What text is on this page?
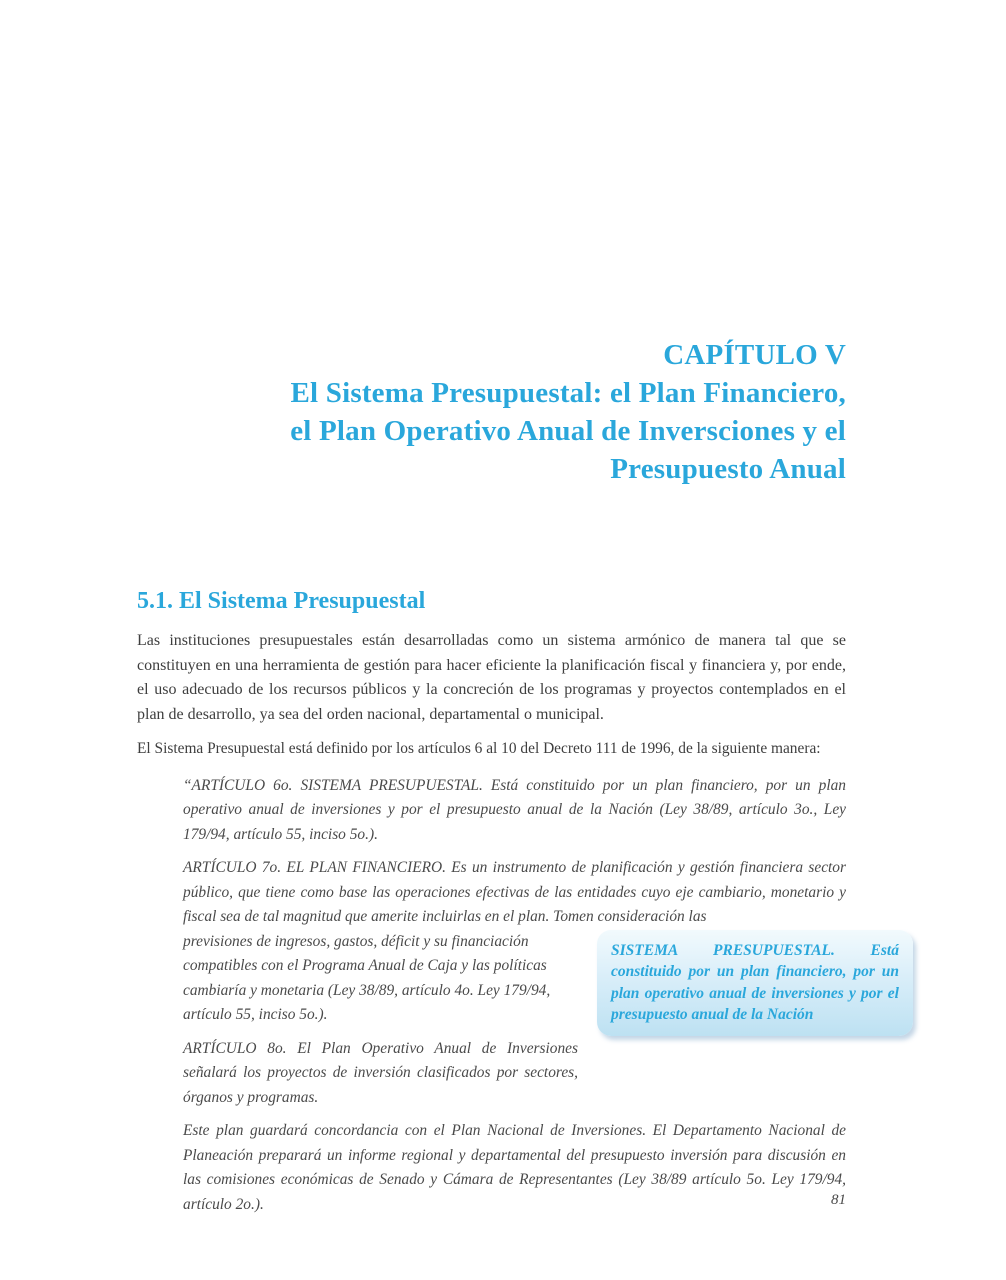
CAPÍTULO V
El Sistema Presupuestal: el Plan Financiero,
el Plan Operativo Anual de Inversciones y el
Presupuesto Anual
5.1. El Sistema Presupuestal

Las instituciones presupuestales están desarrolladas como un sistema armónico de manera tal que se constituyen en una herramienta de gestión para hacer eficiente la planificación fiscal y financiera y, por ende, el uso adecuado de los recursos públicos y la concreción de los programas y proyectos contemplados en el plan de desarrollo, ya sea del orden nacional, departamental o municipal.

El Sistema Presupuestal está definido por los artículos 6 al 10 del Decreto 111 de 1996, de la siguiente manera:

“ARTÍCULO 6o. SISTEMA PRESUPUESTAL. Está constituido por un plan financiero, por un plan operativo anual de inversiones y por el presupuesto anual de la Nación (Ley 38/89, artículo 3o., Ley 179/94, artículo 55, inciso 5o.).

ARTÍCULO 7o. EL PLAN FINANCIERO. Es un instrumento de planificación y gestión financiera sector público, que tiene como base las operaciones efectivas de las entidades cuyo eje cambiario, monetario y fiscal sea de tal magnitud que amerite incluirlas en el plan. Tomen consideración las

previsiones de ingresos, gastos, déficit y su financiación compatibles con el Programa Anual de Caja y las políticas cambiaría y monetaria (Ley 38/89, artículo 4o. Ley 179/94, artículo 55, inciso 5o.).

ARTÍCULO 8o. El Plan Operativo Anual de Inversiones señalará los proyectos de inversión clasificados por sectores, órganos y programas.

SISTEMA PRESUPUESTAL. Está constituido por un plan financiero, por un plan operativo anual de inversiones y por el presupuesto anual de la Nación

Este plan guardará concordancia con el Plan Nacional de Inversiones. El Departamento Nacional de Planeación preparará un informe regional y departamental del presupuesto inversión para discusión en las comisiones económicas de Senado y Cámara de Representantes (Ley 38/89 artículo 5o. Ley 179/94, artículo 2o.).	81
